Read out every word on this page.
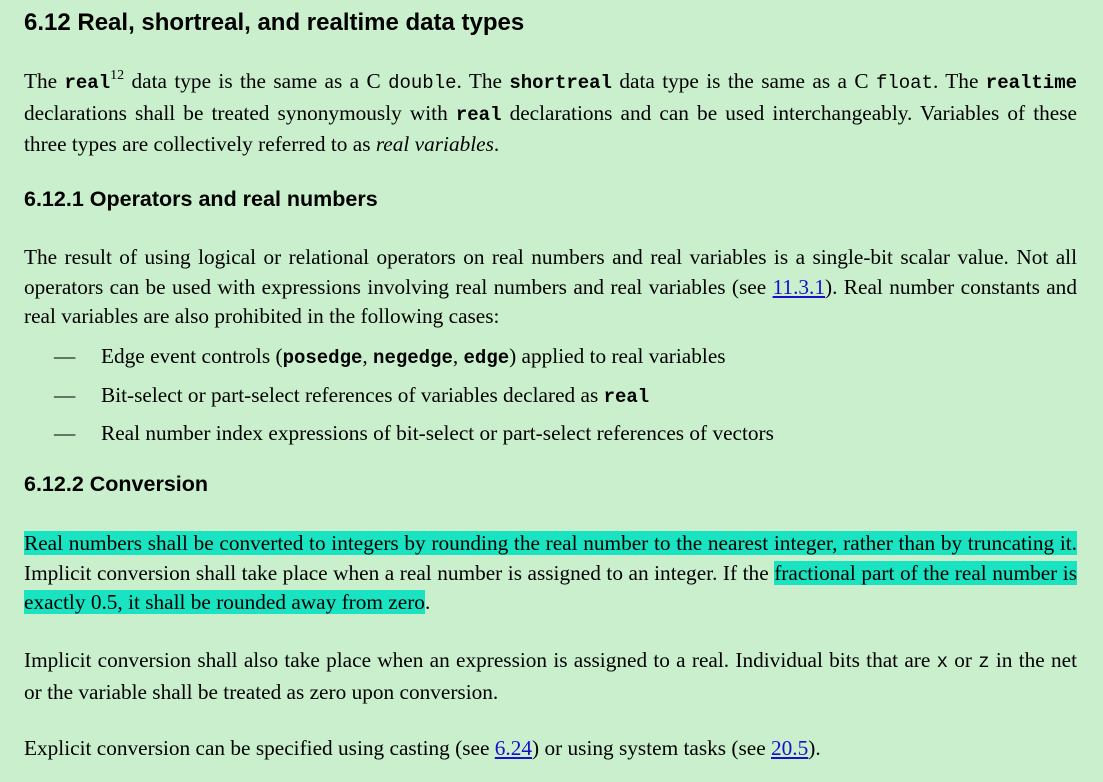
6.12 Real, shortreal, and realtime data types

The real$^{12}$ data type is the same as a C double. The shortreal data type is the same as a C float. The realtime declarations shall be treated synonymously with real declarations and can be used interchangeably. Variables of these three types are collectively referred to as real variables.

6.12.1 Operators and real numbers

The result of using logical or relational operators on real numbers and real variables is a single-bit scalar value. Not all operators can be used with expressions involving real numbers and real variables (see 11.3.1). Real number constants and real variables are also prohibited in the following cases:

— Edge event controls (posedge, negedge, edge) applied to real variables
— Bit-select or part-select references of variables declared as real
— Real number index expressions of bit-select or part-select references of vectors
6.12.2 Conversion

Real numbers shall be converted to integers by rounding the real number to the nearest integer, rather than by truncating it. Implicit conversion shall take place when a real number is assigned to an integer. If the fractional part of the real number is exactly 0.5, it shall be rounded away from zero.

Implicit conversion shall also take place when an expression is assigned to a real. Individual bits that are x or z in the net or the variable shall be treated as zero upon conversion.

Explicit conversion can be specified using casting (see 6.24) or using system tasks (see 20.5).
